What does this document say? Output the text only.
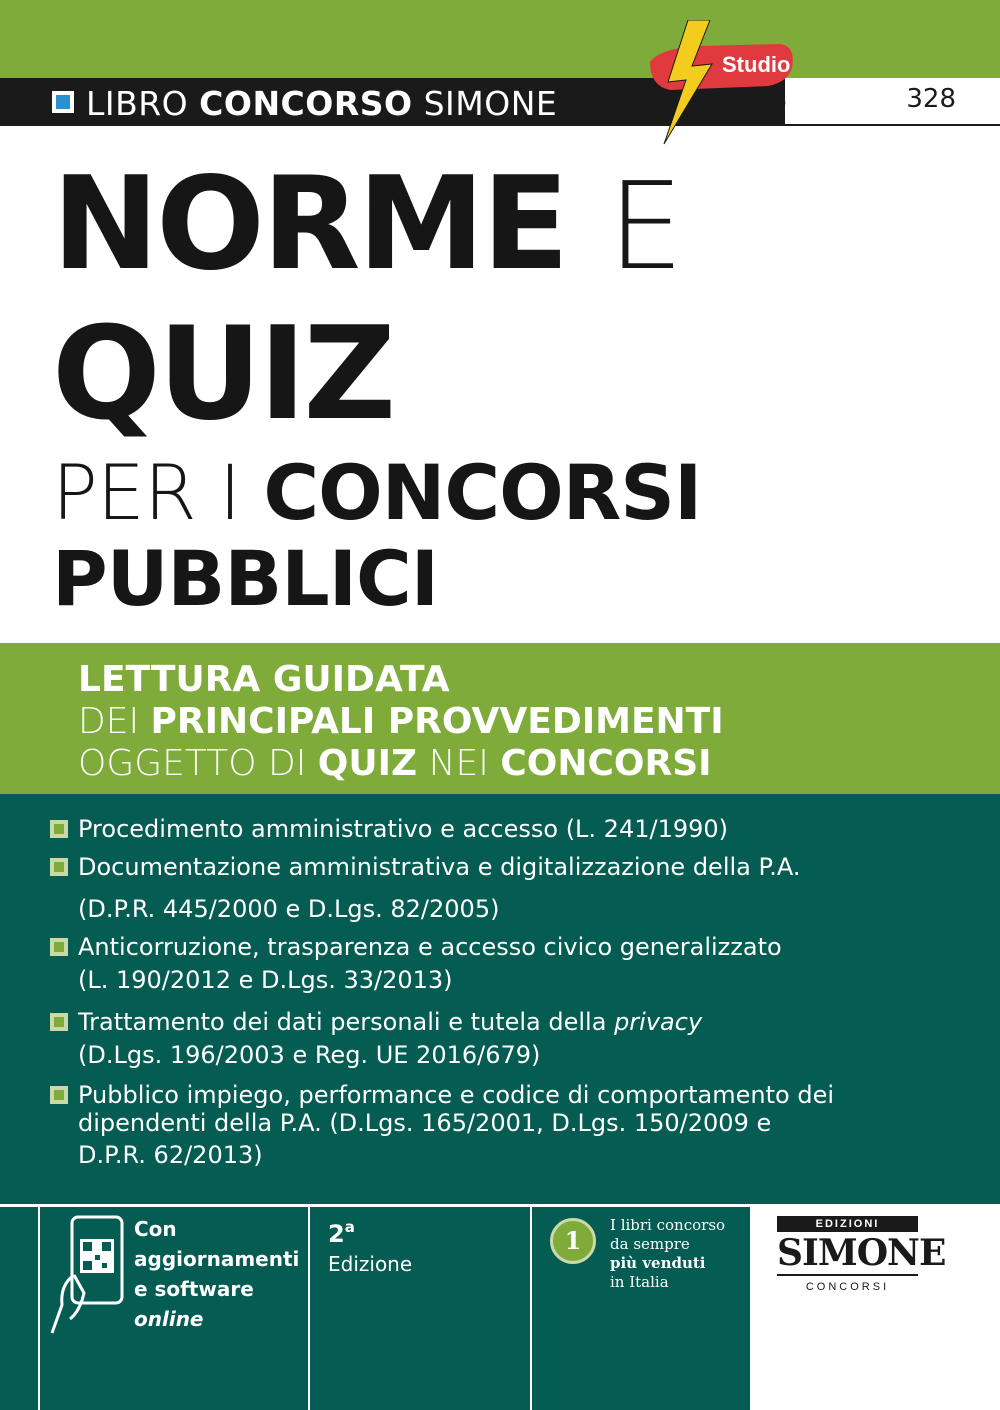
LIBRO CONCORSO SIMONE	328
Studio
Flash
NORME E
QUIZ
PER I CONCORSI
PUBBLICI
LETTURA GUIDATA
DEI PRINCIPALI PROVVEDIMENTI
OGGETTO DI QUIZ NEI CONCORSI
Procedimento amministrativo e accesso (L. 241/1990)
Documentazione amministrativa e digitalizzazione della P.A.
(D.P.R. 445/2000 e D.Lgs. 82/2005)
Anticorruzione, trasparenza e accesso civico generalizzato
(L. 190/2012 e D.Lgs. 33/2013)
Trattamento dei dati personali e tutela della privacy
(D.Lgs. 196/2003 e Reg. UE 2016/679)
Pubblico impiego, performance e codice di comportamento dei
dipendenti della P.A. (D.Lgs. 165/2001, D.Lgs. 150/2009 e
D.P.R. 62/2013)
Con
aggiornamenti
e software
online
2$^a$
Edizione
1
I libri concorso
da sempre
più venduti
in Italia
EDIZIONI
SIMONE
CONCORSI
